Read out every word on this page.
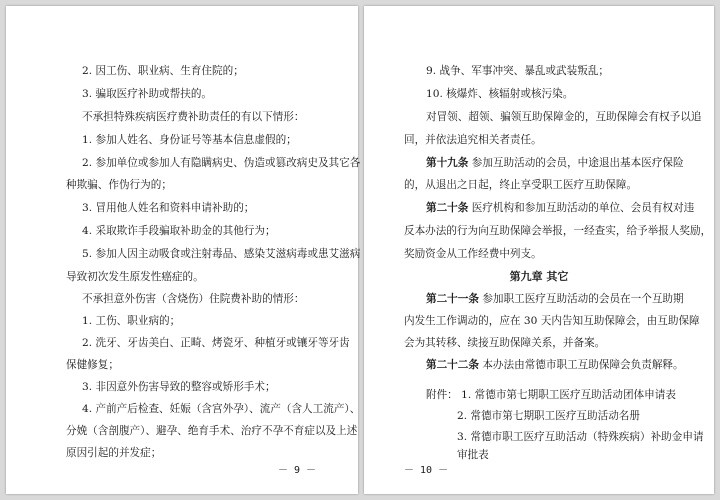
2. 因工伤、职业病、生育住院的；
3. 骗取医疗补助或帮扶的。
不承担特殊疾病医疗费补助责任的有以下情形：
1. 参加人姓名、身份证号等基本信息虚假的；
2. 参加单位或参加人有隐瞒病史、伪造或篡改病史及其它各
种欺骗、作伪行为的；
3. 冒用他人姓名和资料申请补助的；
4. 采取欺诈手段骗取补助金的其他行为；
5. 参加人因主动吸食或注射毒品、感染艾滋病毒或患艾滋病
导致初次发生原发性癌症的。
不承担意外伤害（含烧伤）住院费补助的情形：
1. 工伤、职业病的；
2. 洗牙、牙齿美白、正畸、烤瓷牙、种植牙或镶牙等牙齿
保健修复；
3. 非因意外伤害导致的整容或矫形手术；
4. 产前产后检查、妊娠（含宫外孕）、流产（含人工流产）、
分娩（含剖腹产）、避孕、绝育手术、治疗不孕不育症以及上述
原因引起的并发症；
－ 9 －
9. 战争、军事冲突、暴乱或武装叛乱；
10. 核爆炸、核辐射或核污染。
对冒领、超领、骗领互助保障金的，互助保障会有权予以追
回，并依法追究相关者责任。
第十九条 参加互助活动的会员，中途退出基本医疗保险
的，从退出之日起，终止享受职工医疗互助保障。
第二十条 医疗机构和参加互助活动的单位、会员有权对违
反本办法的行为向互助保障会举报，一经查实，给予举报人奖励，
奖励资金从工作经费中列支。
第九章 其它
第二十一条 参加职工医疗互助活动的会员在一个互助期
内发生工作调动的，应在 30 天内告知互助保障会，由互助保障
会为其转移、续接互助保障关系，并备案。
第二十二条 本办法由常德市职工互助保障会负责解释。
附件： 1. 常德市第七期职工医疗互助活动团体申请表
2. 常德市第七期职工医疗互助活动名册
3. 常德市职工医疗互助活动（特殊疾病）补助金申请
审批表
－ 10 －
